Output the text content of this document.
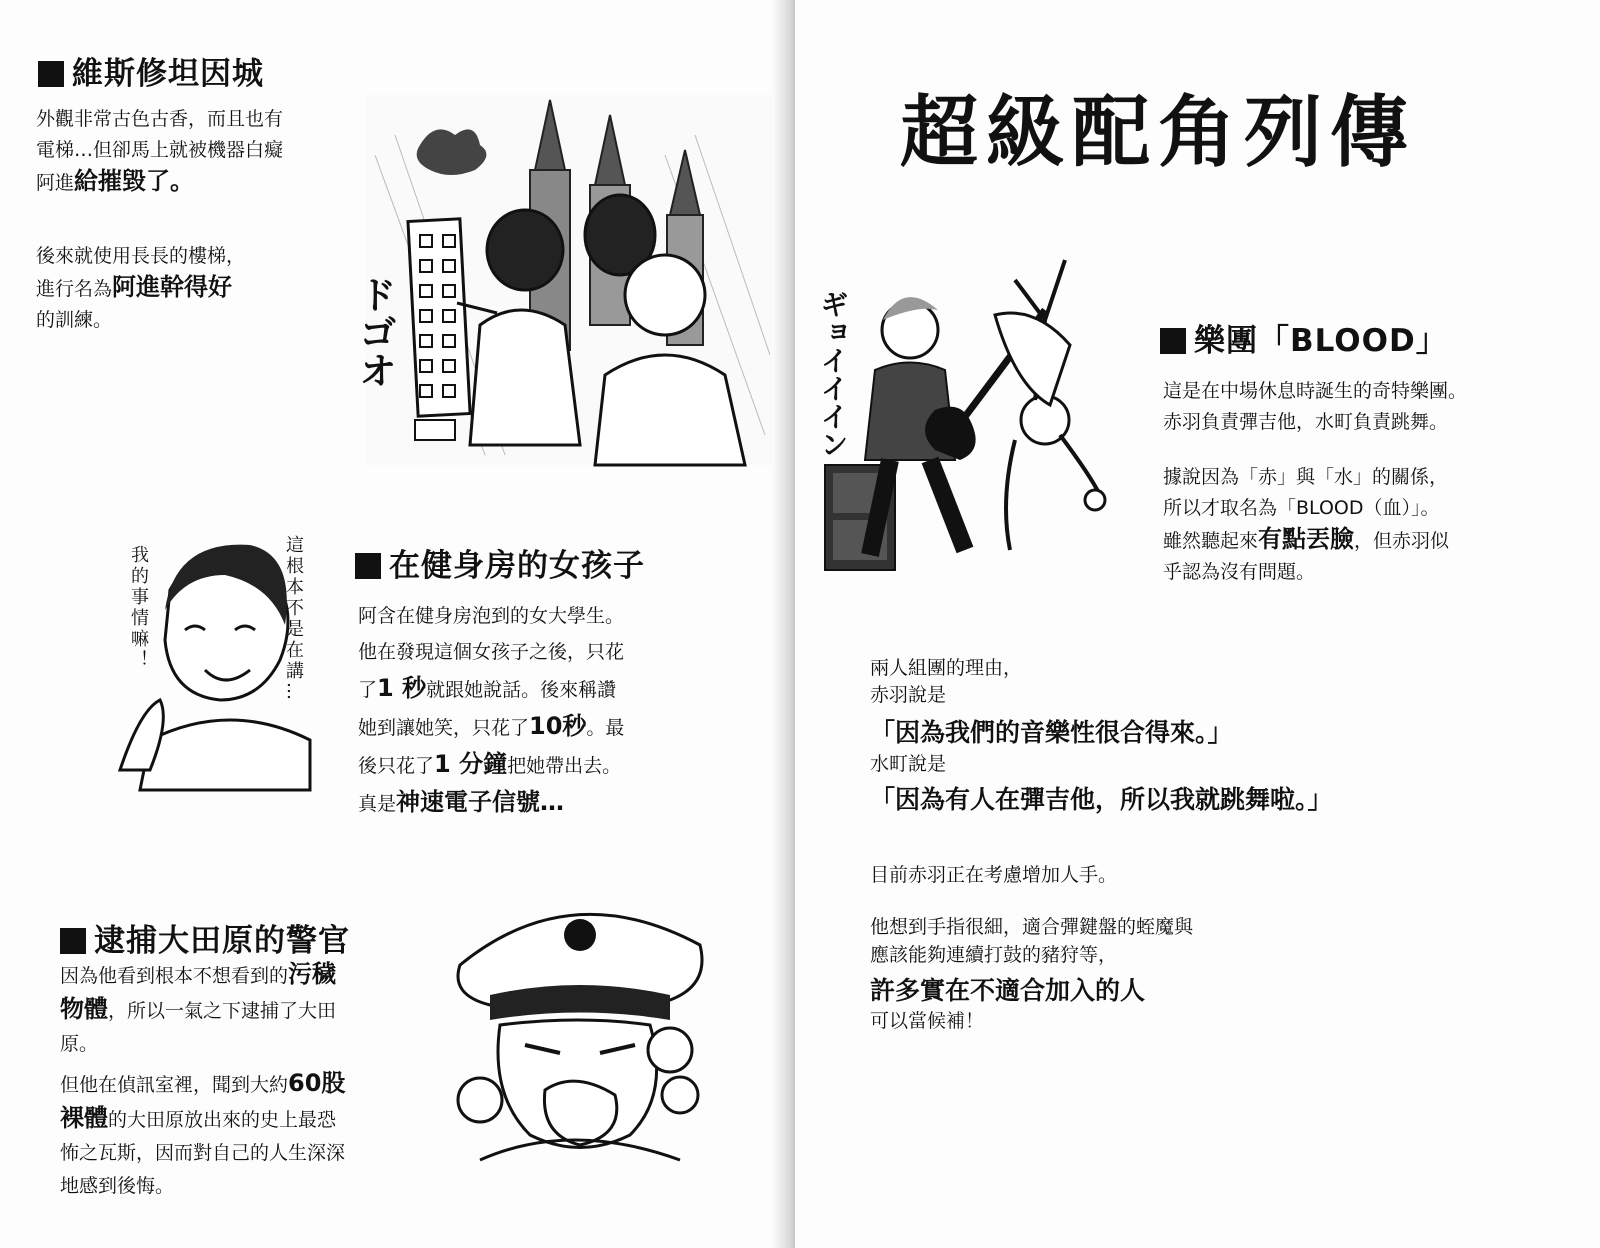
維斯修坦因城
外觀非常古色古香，而且也有
電梯…但卻馬上就被機器白癡
阿進給摧毀了。
後來就使用長長的樓梯，
進行名為阿進幹得好
的訓練。	ドゴオ
這根本不是在講…
我的事情嘛！	在健身房的女孩子
阿含在健身房泡到的女大學生。
他在發現這個女孩子之後，只花
了1 秒就跟她說話。後來稱讚
她到讓她笑，只花了10秒。最
後只花了1 分鐘把她帶出去。
真是神速電子信號…
逮捕大田原的警官
因為他看到根本不想看到的污穢
物體，所以一氣之下逮捕了大田
原。
但他在偵訊室裡，聞到大約60股
裸體的大田原放出來的史上最恐
怖之瓦斯，因而對自己的人生深深
地感到後悔。
超級配角列傳
ギョイイイン	樂團「BLOOD」
這是在中場休息時誕生的奇特樂團。
赤羽負責彈吉他，水町負責跳舞。
據說因為「赤」與「水」的關係，
所以才取名為「BLOOD（血）」。
雖然聽起來有點丟臉，但赤羽似
乎認為沒有問題。
兩人組團的理由，
赤羽說是
「因為我們的音樂性很合得來。」
水町說是
「因為有人在彈吉他，所以我就跳舞啦。」
目前赤羽正在考慮增加人手。
他想到手指很細，適合彈鍵盤的蛭魔與
應該能夠連續打鼓的豬狩等，
許多實在不適合加入的人
可以當候補！
